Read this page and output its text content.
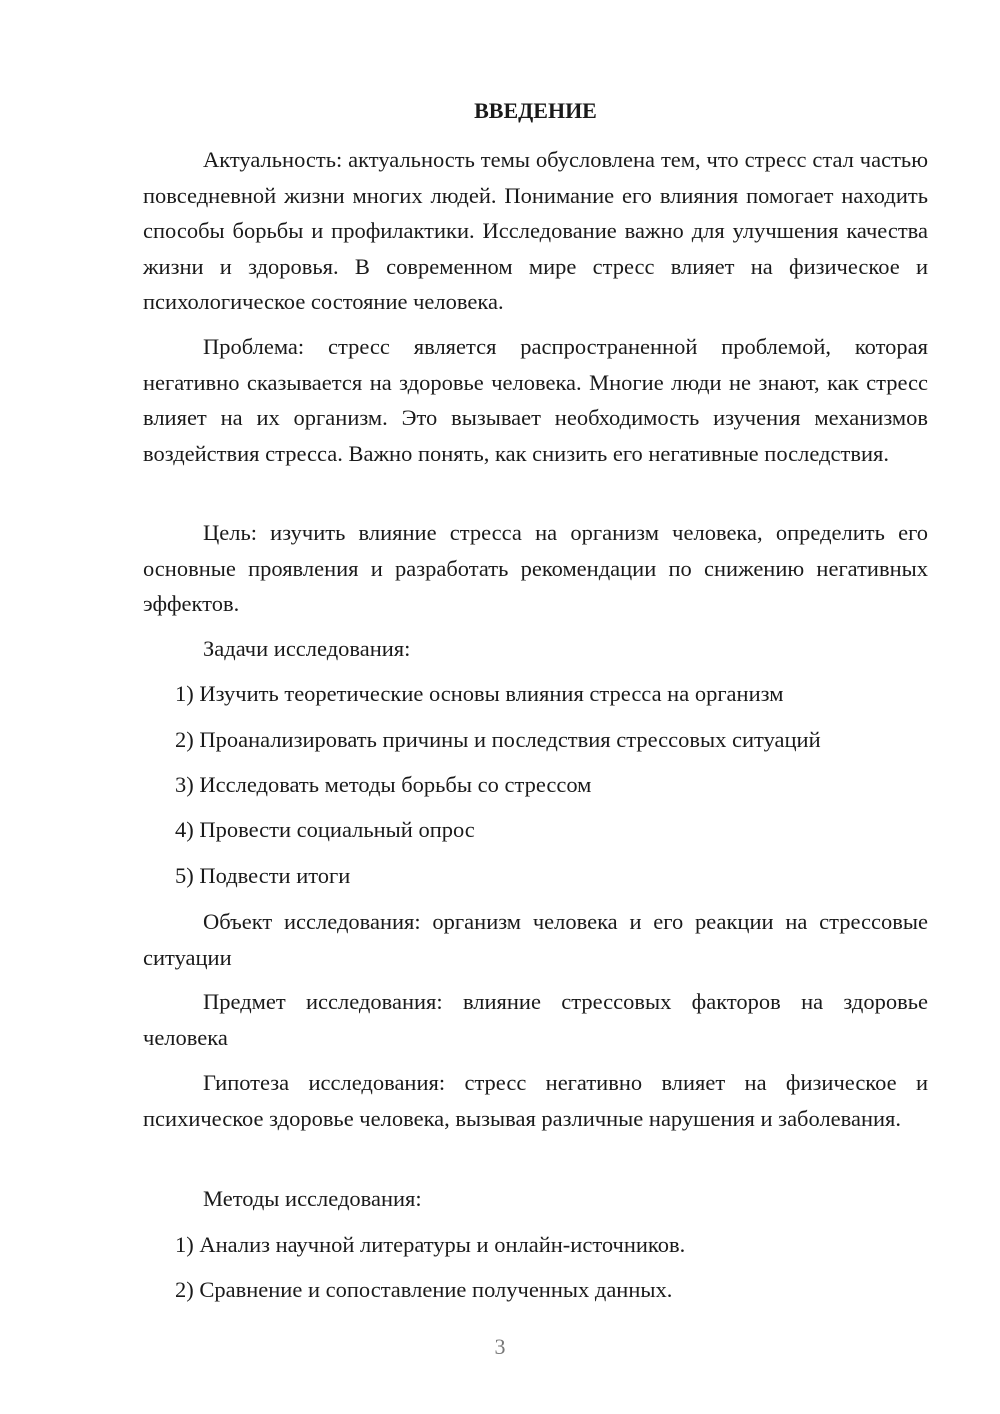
ВВЕДЕНИЕ

Актуальность: актуальность темы обусловлена тем, что стресс стал частью повседневной жизни многих людей. Понимание его влияния помогает находить способы борьбы и профилактики. Исследование важно для улучшения качества жизни и здоровья. В современном мире стресс влияет на физическое и психологическое состояние человека.

Проблема: стресс является распространенной проблемой, которая негативно сказывается на здоровье человека. Многие люди не знают, как стресс влияет на их организм. Это вызывает необходимость изучения механизмов воздействия стресса. Важно понять, как снизить его негативные последствия.

Цель: изучить влияние стресса на организм человека, определить его основные проявления и разработать рекомендации по снижению негативных эффектов.

Задачи исследования:

1) Изучить теоретические основы влияния стресса на организм

2) Проанализировать причины и последствия стрессовых ситуаций

3) Исследовать методы борьбы со стрессом

4) Провести социальный опрос

5) Подвести итоги

Объект исследования: организм человека и его реакции на стрессовые ситуации

Предмет исследования: влияние стрессовых факторов на здоровье человека

Гипотеза исследования: стресс негативно влияет на физическое и психическое здоровье человека, вызывая различные нарушения и заболевания.

Методы исследования:

1) Анализ научной литературы и онлайн-источников.

2) Сравнение и сопоставление полученных данных.

3
